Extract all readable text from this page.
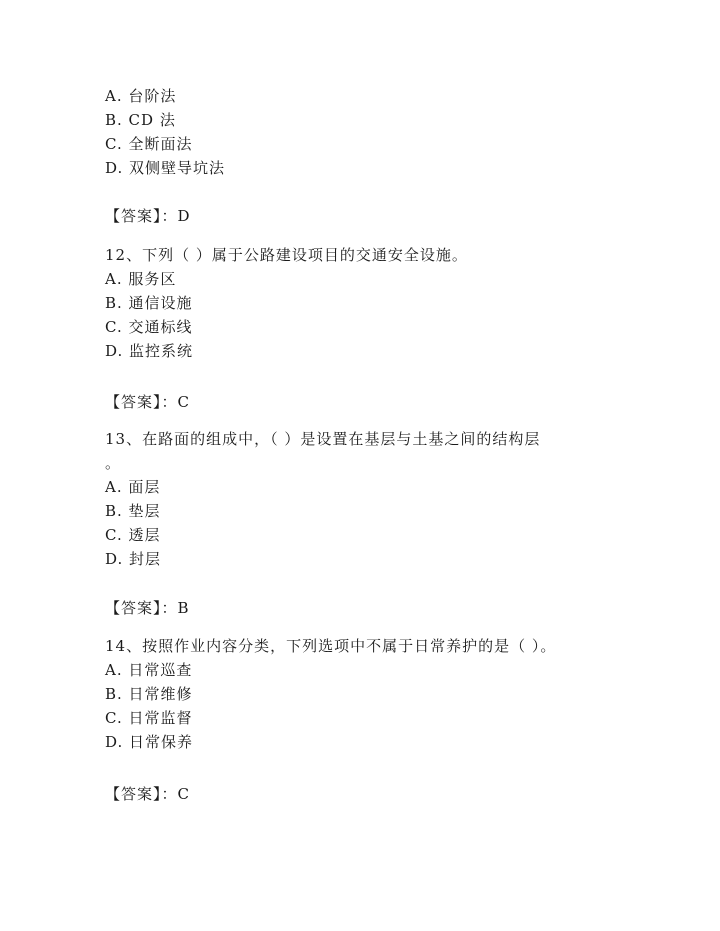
A. 台阶法
B. CD 法
C. 全断面法
D. 双侧壁导坑法
【答案】：D
12、下列（ ）属于公路建设项目的交通安全设施。
A. 服务区
B. 通信设施
C. 交通标线
D. 监控系统
【答案】：C
13、在路面的组成中，（ ）是设置在基层与土基之间的结构层
。
A. 面层
B. 垫层
C. 透层
D. 封层
【答案】：B
14、按照作业内容分类，下列选项中不属于日常养护的是（ ）。
A. 日常巡查
B. 日常维修
C. 日常监督
D. 日常保养
【答案】：C
